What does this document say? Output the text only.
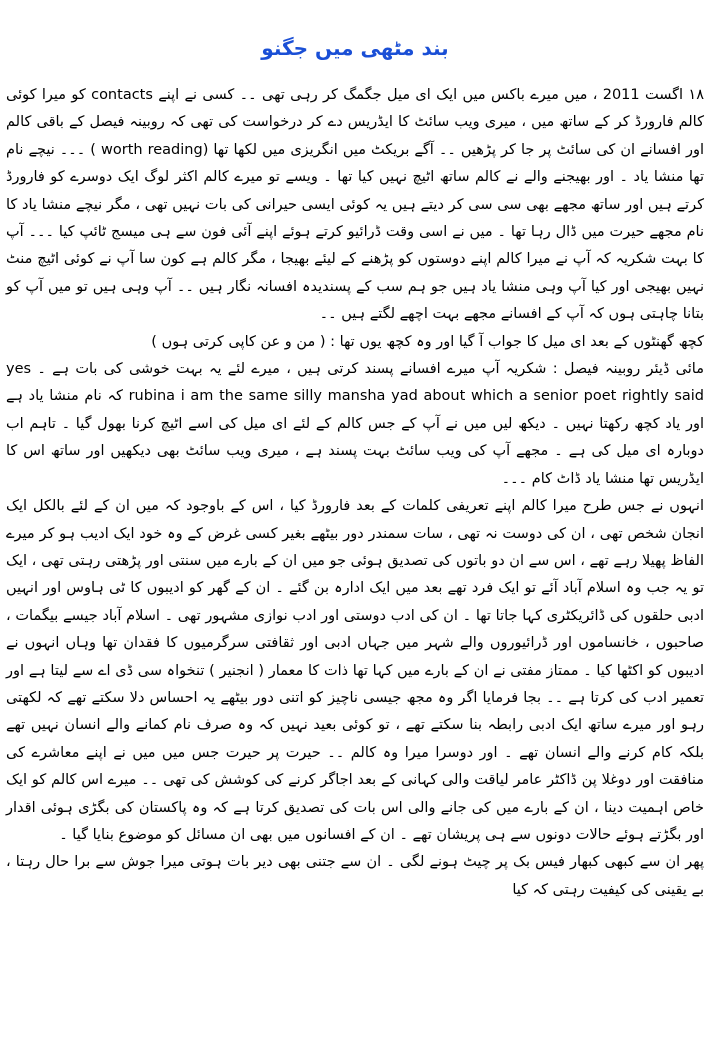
بند مٹھی میں جگنو

۱۸ اگست 2011 ، میں میرے باکس میں ایک ای میل جگمگ کر رہی تھی ۔۔ کسی نے اپنے contacts کو میرا کوئی کالم فارورڈ کر کے ساتھ میں ، میری ویب سائٹ کا ایڈریس دے کر درخواست کی تھی کہ روبینہ فیصل کے باقی کالم اور افسانے ان کی سائٹ پر جا کر پڑھیں ۔۔ آگے بریکٹ میں انگریزی میں لکھا تھا (worth reading ) ۔۔۔ نیچے نام تھا منشا یاد ۔ اور بھیجنے والے نے کالم ساتھ اٹیچ نہیں کیا تھا ۔ ویسے تو میرے کالم اکثر لوگ ایک دوسرے کو فارورڈ کرتے ہیں اور ساتھ مجھے بھی سی سی کر دیتے ہیں یہ کوئی ایسی حیرانی کی بات نہیں تھی ، مگر نیچے منشا یاد کا نام مجھے حیرت میں ڈال رہا تھا ۔ میں نے اسی وقت ڈرائیو کرتے ہوئے اپنے آئی فون سے ہی میسج ٹائپ کیا ۔۔۔ آپ کا بہت شکریہ کہ آپ نے میرا کالم اپنے دوستوں کو پڑھنے کے لیئے بھیجا ، مگر کالم ہے کون سا آپ نے کوئی اٹیچ منٹ نہیں بھیجی اور کیا آپ وہی منشا یاد ہیں جو ہم سب کے پسندیدہ افسانہ نگار ہیں ۔۔ آپ وہی ہیں تو میں آپ کو بتانا چاہتی ہوں کہ آپ کے افسانے مجھے بہت اچھے لگتے ہیں ۔۔

کچھ گھنٹوں کے بعد ای میل کا جواب آ گیا اور وہ کچھ یوں تھا : ( من و عن کاپی کرتی ہوں )

مائی ڈیئر روبینہ فیصل : شکریہ آپ میرے افسانے پسند کرتی ہیں ، میرے لئے یہ بہت خوشی کی بات ہے ۔ yes rubina i am the same silly mansha yad about which a senior poet rightly said کہ نام منشا یاد ہے اور یاد کچھ رکھتا نہیں ۔ دیکھ لیں میں نے آپ کے جس کالم کے لئے ای میل کی اسے اٹیچ کرنا بھول گیا ۔ تاہم اب دوبارہ ای میل کی ہے ۔ مجھے آپ کی ویب سائٹ بہت پسند ہے ، میری ویب سائٹ بھی دیکھیں اور ساتھ اس کا ایڈریس تھا منشا یاد ڈاٹ کام ۔۔۔

انہوں نے جس طرح میرا کالم اپنے تعریفی کلمات کے بعد فارورڈ کیا ، اس کے باوجود کہ میں ان کے لئے بالکل ایک انجان شخص تھی ، ان کی دوست نہ تھی ، سات سمندر دور بیٹھے بغیر کسی غرض کے وہ خود ایک ادیب ہو کر میرے الفاظ پھیلا رہے تھے ، اس سے ان دو باتوں کی تصدیق ہوئی جو میں ان کے بارے میں سنتی اور پڑھتی رہتی تھی ، ایک تو یہ جب وہ اسلام آباد آئے تو ایک فرد تھے بعد میں ایک ادارہ بن گئے ۔ ان کے گھر کو ادیبوں کا ٹی ہاوس اور انہیں ادبی حلقوں کی ڈائریکٹری کہا جاتا تھا ۔ ان کی ادب دوستی اور ادب نوازی مشہور تھی ۔ اسلام آباد جیسے بیگمات ، صاحبوں ، خانساموں اور ڈرائیوروں والے شہر میں جہاں ادبی اور ثقافتی سرگرمیوں کا فقدان تھا وہاں انہوں نے ادیبوں کو اکٹھا کیا ۔ ممتاز مفتی نے ان کے بارے میں کہا تھا ذات کا معمار ( انجنیر ) تنخواہ سی ڈی اے سے لیتا ہے اور تعمیر ادب کی کرتا ہے ۔۔ بجا فرمایا اگر وہ مجھ جیسی ناچیز کو اتنی دور بیٹھے یہ احساس دلا سکتے تھے کہ لکھتی رہو اور میرے ساتھ ایک ادبی رابطہ بنا سکتے تھے ، تو کوئی بعید نہیں کہ وہ صرف نام کمانے والے انسان نہیں تھے بلکہ کام کرنے والے انسان تھے ۔ اور دوسرا میرا وہ کالم ۔۔ حیرت پر حیرت جس میں میں نے اپنے معاشرے کی منافقت اور دوغلا پن ڈاکٹر عامر لیاقت والی کہانی کے بعد اجاگر کرنے کی کوشش کی تھی ۔۔ میرے اس کالم کو ایک خاص اہمیت دینا ، ان کے بارے میں کی جانے والی اس بات کی تصدیق کرتا ہے کہ وہ پاکستان کی بگڑی ہوئی اقدار اور بگڑتے ہوئے حالات دونوں سے ہی پریشان تھے ۔ ان کے افسانوں میں بھی ان مسائل کو موضوع بنایا گیا ۔

پھر ان سے کبھی کبھار فیس بک پر چیٹ ہونے لگی ۔ ان سے جتنی بھی دیر بات ہوتی میرا جوش سے برا حال رہتا ، بے یقینی کی کیفیت رہتی کہ کیا
